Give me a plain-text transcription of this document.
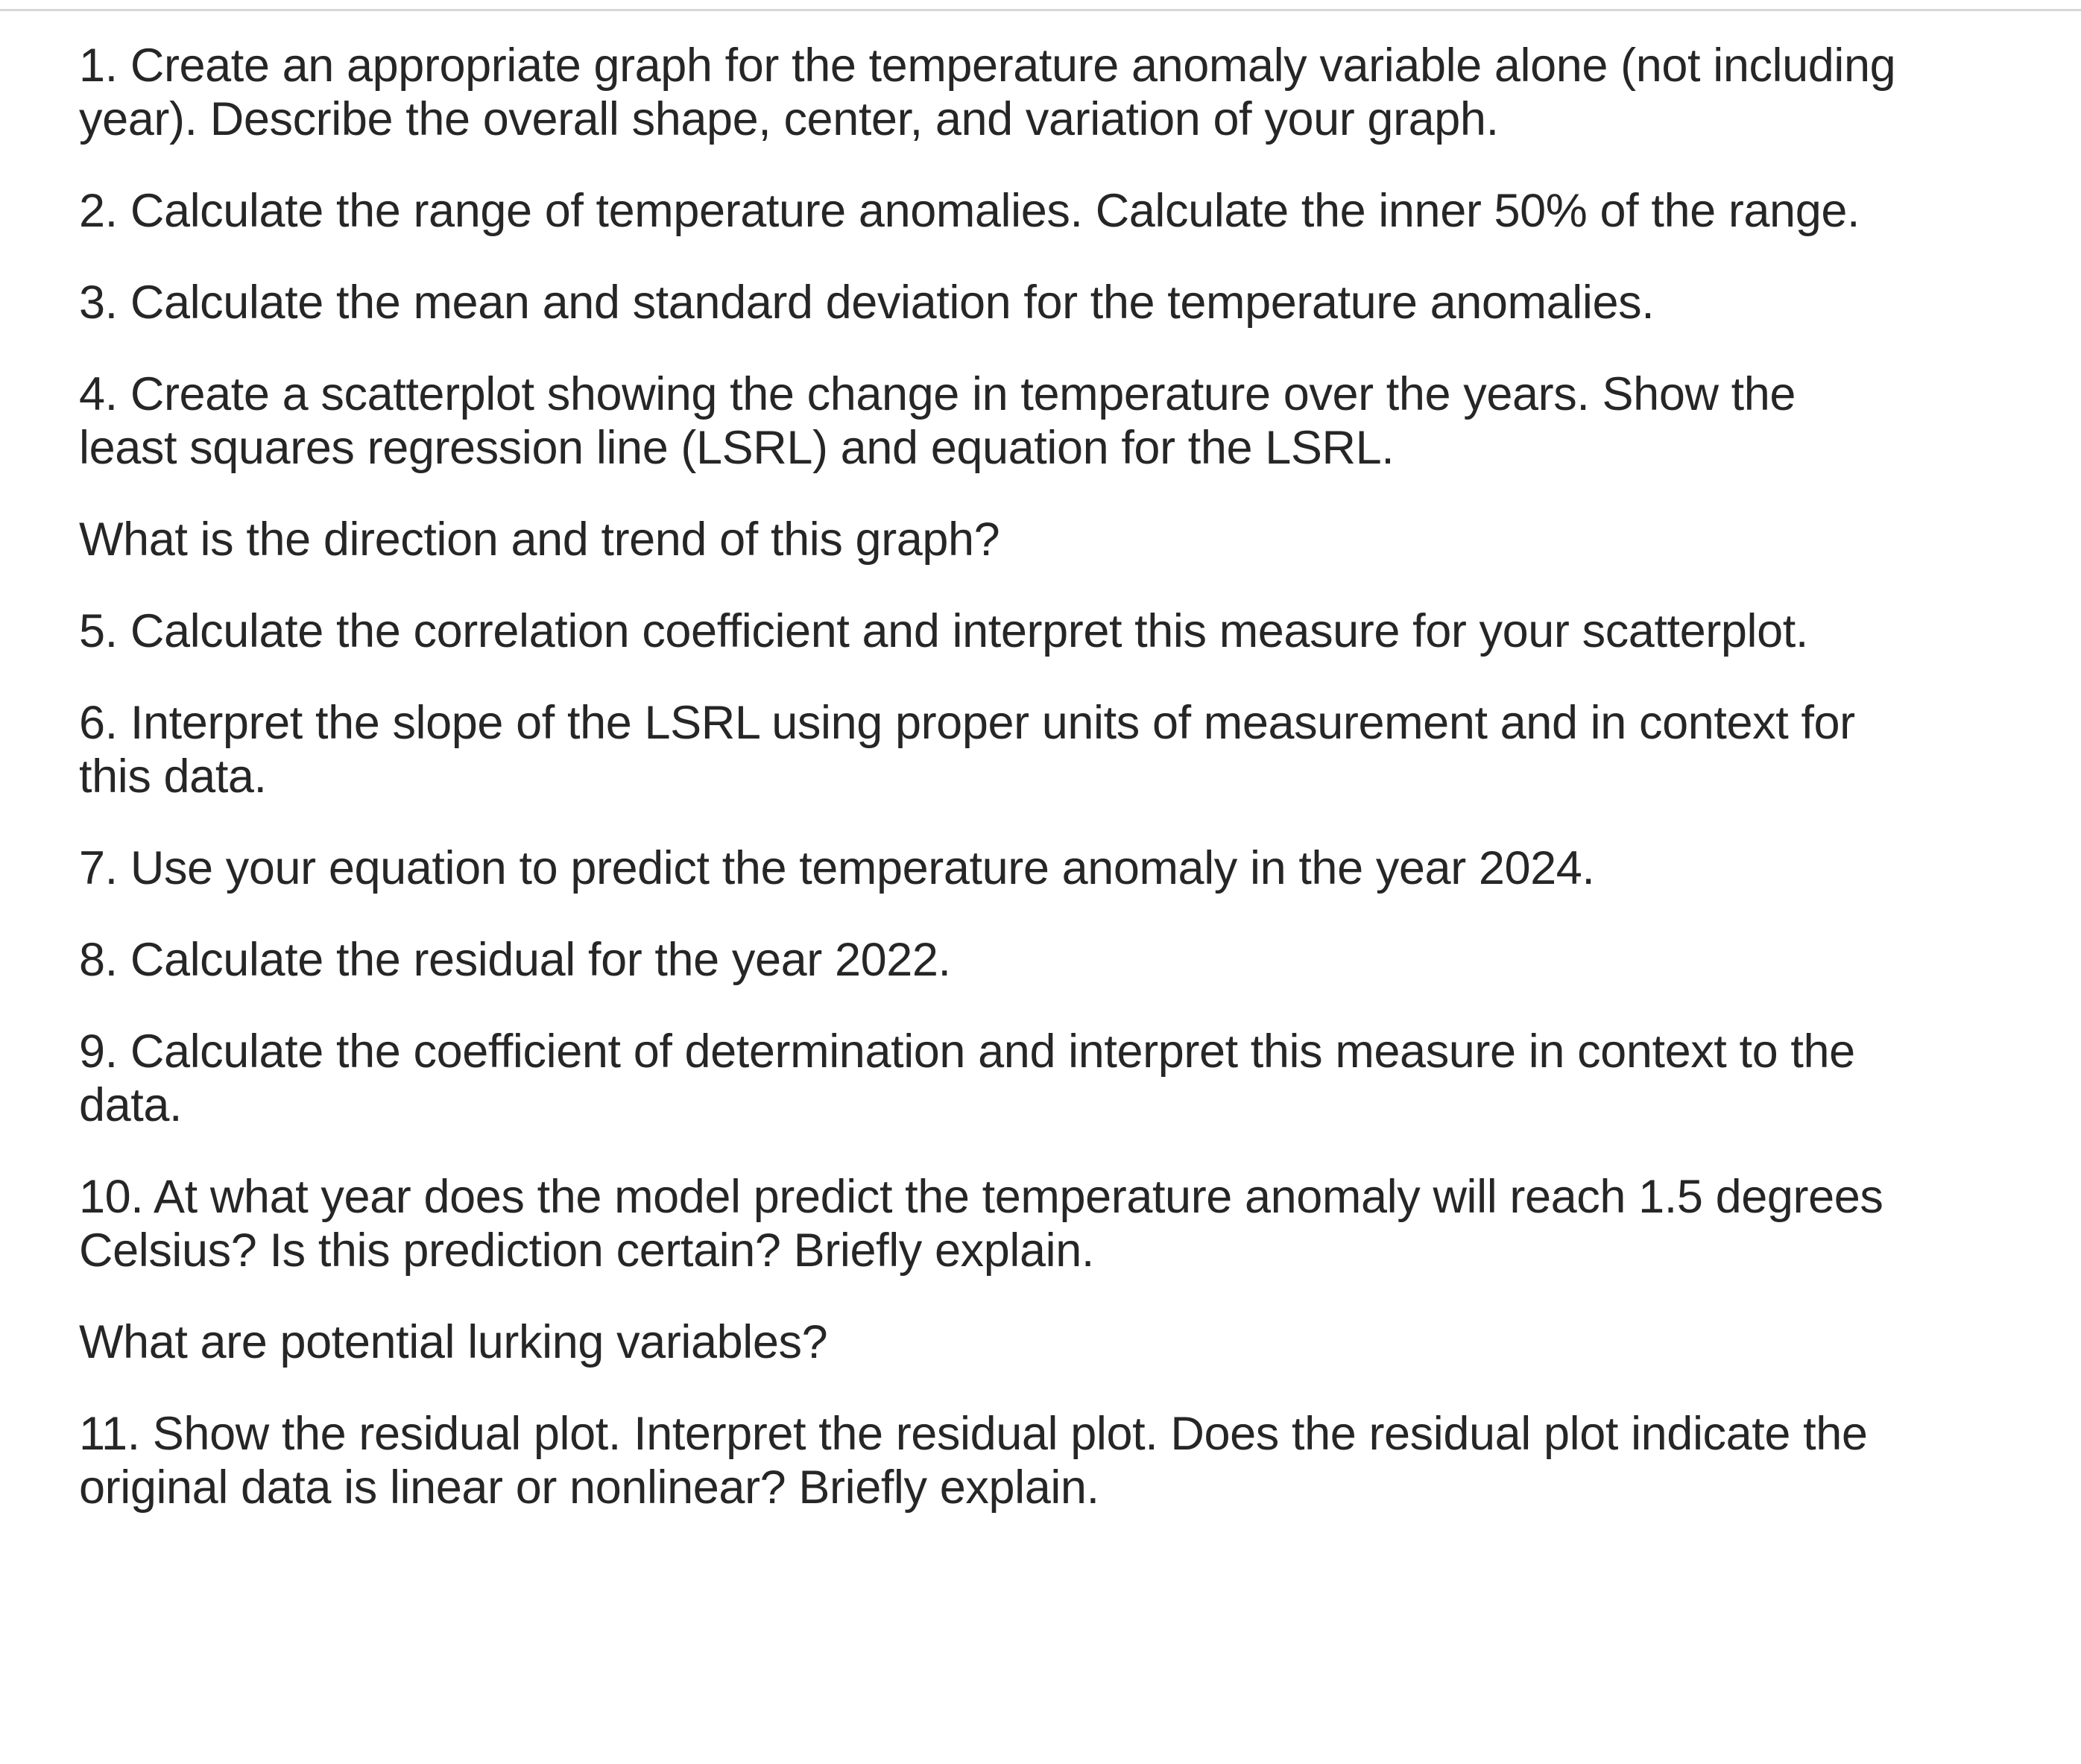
1. Create an appropriate graph for the temperature anomaly variable alone (not including
year). Describe the overall shape, center, and variation of your graph.

2. Calculate the range of temperature anomalies. Calculate the inner 50% of the range.

3. Calculate the mean and standard deviation for the temperature anomalies.

4. Create a scatterplot showing the change in temperature over the years. Show the
least squares regression line (LSRL) and equation for the LSRL.

What is the direction and trend of this graph?

5. Calculate the correlation coefficient and interpret this measure for your scatterplot.

6. Interpret the slope of the LSRL using proper units of measurement and in context for
this data.

7. Use your equation to predict the temperature anomaly in the year 2024.

8. Calculate the residual for the year 2022.

9. Calculate the coefficient of determination and interpret this measure in context to the
data.

10. At what year does the model predict the temperature anomaly will reach 1.5 degrees
Celsius? Is this prediction certain? Briefly explain.

What are potential lurking variables?

11. Show the residual plot. Interpret the residual plot. Does the residual plot indicate the
original data is linear or nonlinear? Briefly explain.
